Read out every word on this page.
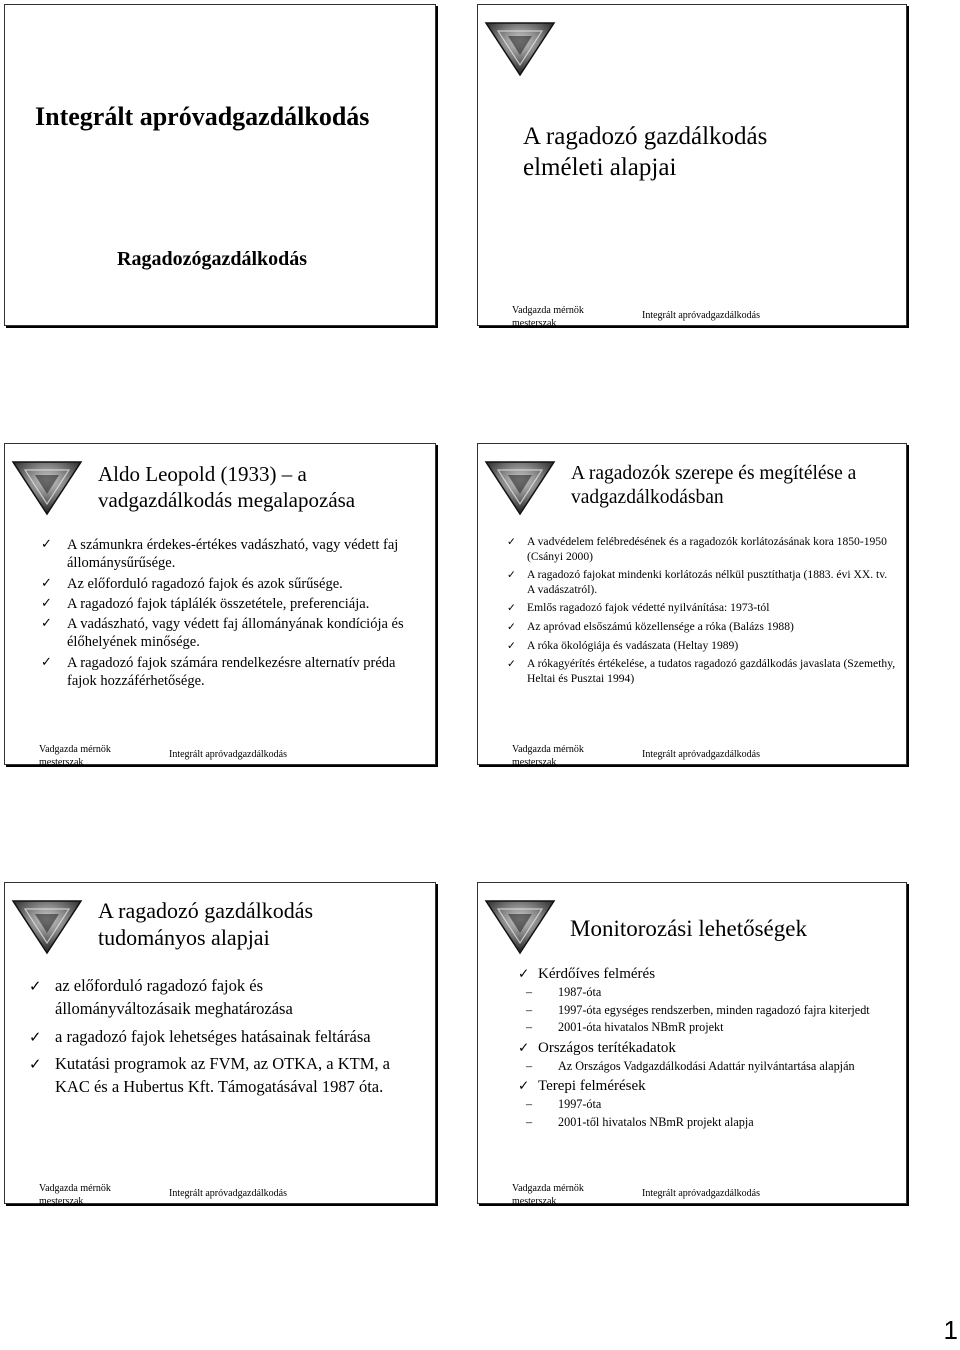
Integrált apróvadgazdálkodás
Ragadozógazdálkodás
A ragadozó gazdálkodás elméleti alapjai
Vadgazda mérnök mesterszak
Integrált apróvadgazdálkodás
Aldo Leopold (1933) – a vadgazdálkodás megalapozása
✓ A számunkra érdekes-értékes vadászható, vagy védett faj állománysűrűsége.
✓ Az előforduló ragadozó fajok és azok sűrűsége.
✓ A ragadozó fajok táplálék összetétele, preferenciája.
✓ A vadászható, vagy védett faj állományának kondíciója és élőhelyének minősége.
✓ A ragadozó fajok számára rendelkezésre alternatív préda fajok hozzáférhetősége.
Vadgazda mérnök mesterszak
Integrált apróvadgazdálkodás
A ragadozók szerepe és megítélése a vadgazdálkodásban
✓ A vadvédelem felébredésének és a ragadozók korlátozásának kora 1850-1950 (Csányi 2000)
✓ A ragadozó fajokat mindenki korlátozás nélkül pusztíthatja (1883. évi XX. tv. A vadászatról).
✓ Emlős ragadozó fajok védetté nyilvánítása: 1973-tól
✓ Az apróvad elsőszámú közellensége a róka (Balázs 1988)
✓ A róka ökológiája és vadászata (Heltay 1989)
✓ A rókagyérítés értékelése, a tudatos ragadozó gazdálkodás javaslata (Szemethy, Heltai és Pusztai 1994)
Vadgazda mérnök mesterszak
Integrált apróvadgazdálkodás
A ragadozó gazdálkodás tudományos alapjai
✓ az előforduló ragadozó fajok és állományváltozásaik meghatározása
✓ a ragadozó fajok lehetséges hatásainak feltárása
✓ Kutatási programok az FVM, az OTKA, a KTM, a KAC és a Hubertus Kft. Támogatásával 1987 óta.
Vadgazda mérnök mesterszak
Integrált apróvadgazdálkodás
Monitorozási lehetőségek
✓ Kérdőíves felmérés
– 1987-óta
– 1997-óta egységes rendszerben, minden ragadozó fajra kiterjedt
– 2001-óta hivatalos NBmR projekt
✓ Országos terítékadatok
– Az Országos Vadgazdálkodási Adattár nyilvántartása alapján
✓ Terepi felmérések
– 1997-óta
– 2001-től hivatalos NBmR projekt alapja
Vadgazda mérnök mesterszak
Integrált apróvadgazdálkodás
1
